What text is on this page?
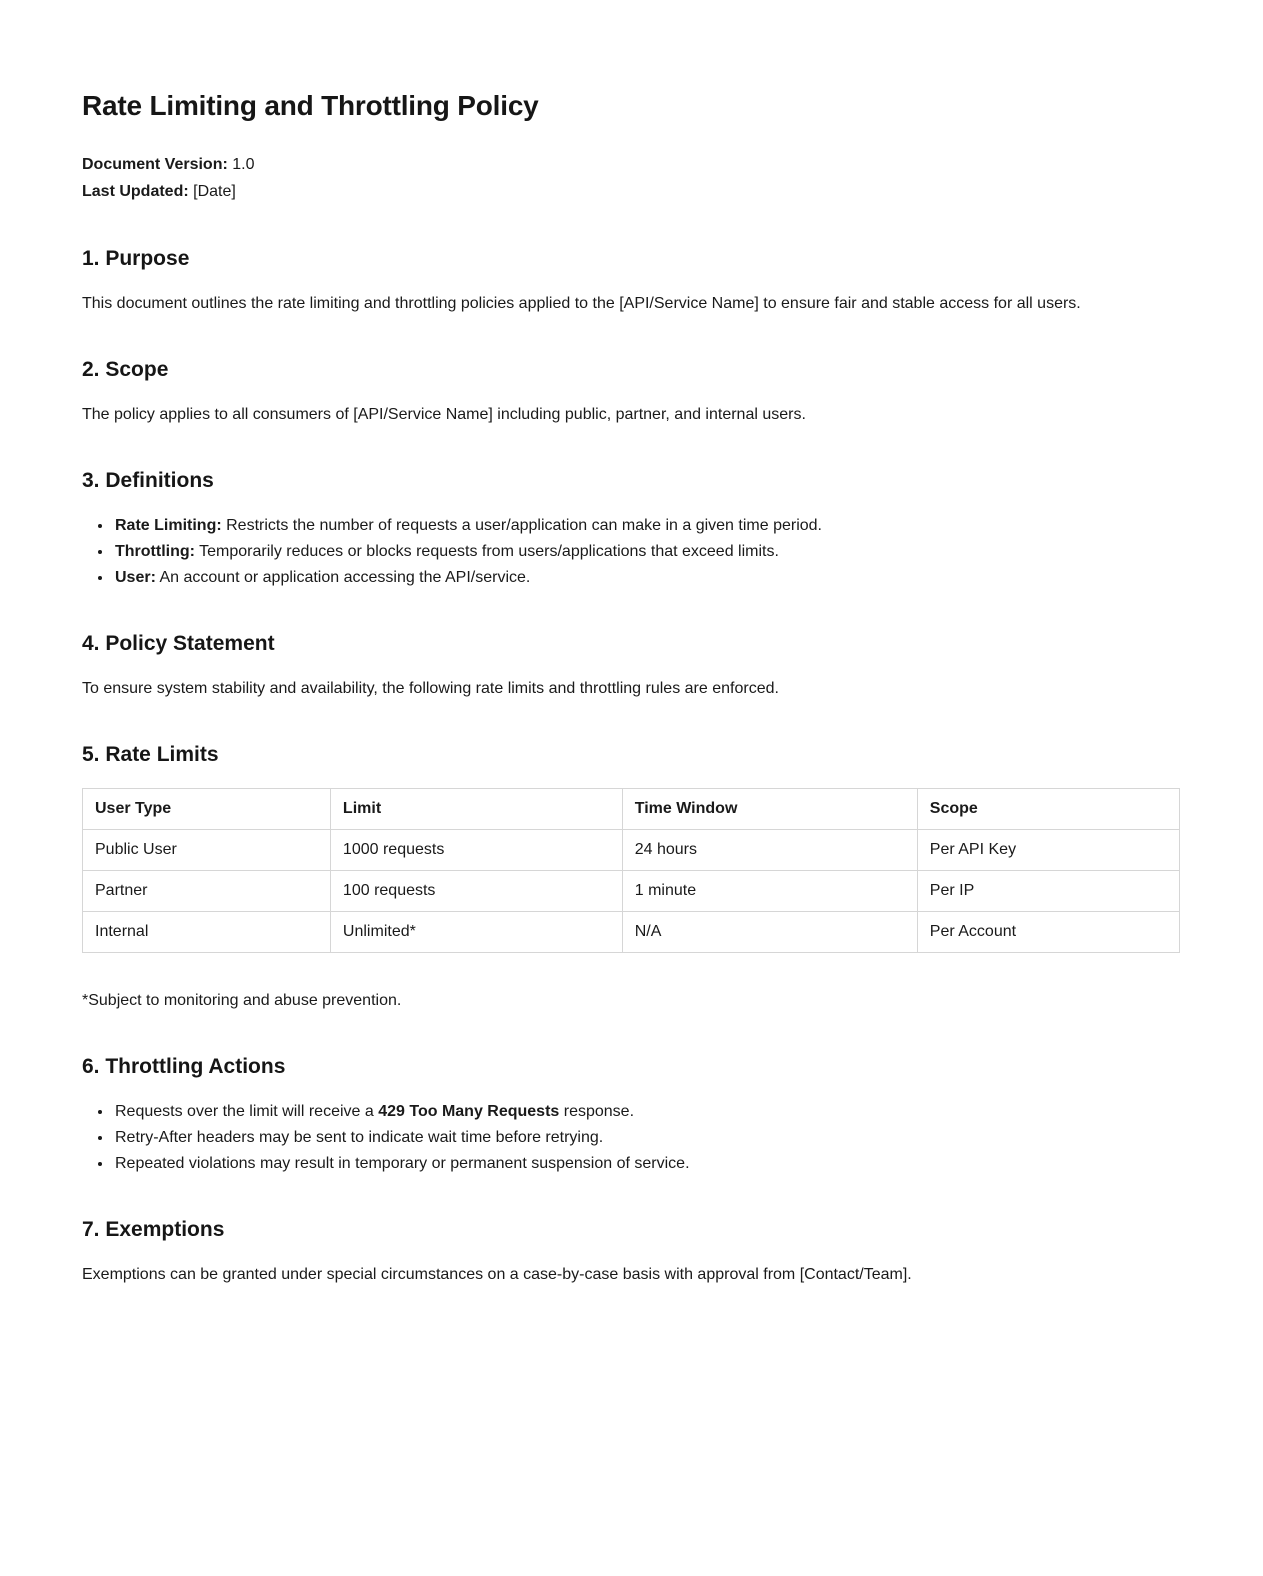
Rate Limiting and Throttling Policy

Document Version: 1.0

Last Updated: [Date]

1. Purpose

This document outlines the rate limiting and throttling policies applied to the [API/Service Name] to ensure fair and stable access for all users.

2. Scope

The policy applies to all consumers of [API/Service Name] including public, partner, and internal users.

3. Definitions
• Rate Limiting: Restricts the number of requests a user/application can make in a given time period.
• Throttling: Temporarily reduces or blocks requests from users/applications that exceed limits.
• User: An account or application accessing the API/service.
4. Policy Statement

To ensure system stability and availability, the following rate limits and throttling rules are enforced.

5. Rate Limits
User Type	Limit	Time Window	Scope
Public User	1000 requests	24 hours	Per API Key
Partner	100 requests	1 minute	Per IP
Internal	Unlimited*	N/A	Per Account

*Subject to monitoring and abuse prevention.

6. Throttling Actions
• Requests over the limit will receive a 429 Too Many Requests response.
• Retry-After headers may be sent to indicate wait time before retrying.
• Repeated violations may result in temporary or permanent suspension of service.
7. Exemptions

Exemptions can be granted under special circumstances on a case-by-case basis with approval from [Contact/Team].
